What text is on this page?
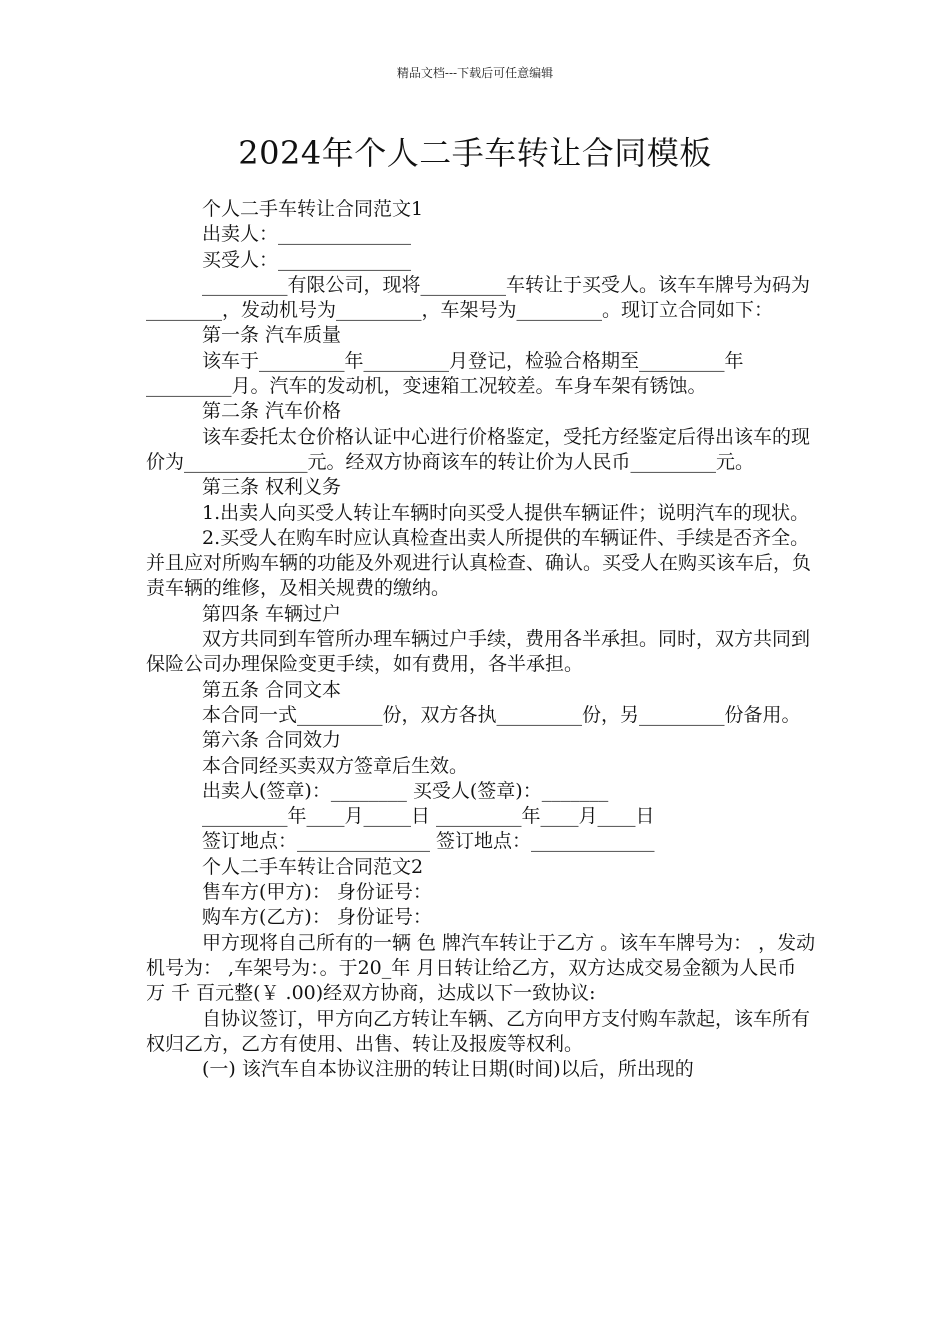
精品文档---下载后可任意编辑
2024年个人二手车转让合同模板

个人二手车转让合同范文1

出卖人：______________

买受人：______________

_________有限公司，现将_________车转让于买受人。该车车牌号为码为________，发动机号为_________，车架号为_________。现订立合同如下：

第一条 汽车质量

该车于_________年_________月登记，检验合格期至_________年_________月。汽车的发动机，变速箱工况较差。车身车架有锈蚀。

第二条 汽车价格

该车委托太仓价格认证中心进行价格鉴定，受托方经鉴定后得出该车的现价为_____________元。经双方协商该车的转让价为人民币_________元。

第三条 权利义务

1.出卖人向买受人转让车辆时向买受人提供车辆证件；说明汽车的现状。

2.买受人在购车时应认真检查出卖人所提供的车辆证件、手续是否齐全。并且应对所购车辆的功能及外观进行认真检查、确认。买受人在购买该车后，负责车辆的维修，及相关规费的缴纳。

第四条 车辆过户

双方共同到车管所办理车辆过户手续，费用各半承担。同时，双方共同到保险公司办理保险变更手续，如有费用，各半承担。

第五条 合同文本

本合同一式_________份，双方各执_________份，另_________份备用。

第六条 合同效力

本合同经买卖双方签章后生效。

出卖人(签章)：________ 买受人(签章)：_______

_________年____月_____日 _________年____月____日

签订地点：______________ 签订地点：_____________

个人二手车转让合同范文2

售车方(甲方)： 身份证号：

购车方(乙方)： 身份证号：

甲方现将自己所有的一辆 色 牌汽车转让于乙方 。该车车牌号为： ，发动机号为： ,车架号为：。于20_年 月日转让给乙方，双方达成交易金额为人民币 万 千 百元整(￥ .00)经双方协商，达成以下一致协议:

自协议签订，甲方向乙方转让车辆、乙方向甲方支付购车款起，该车所有权归乙方，乙方有使用、出售、转让及报废等权利。

(一) 该汽车自本协议注册的转让日期(时间)以后，所出现的
